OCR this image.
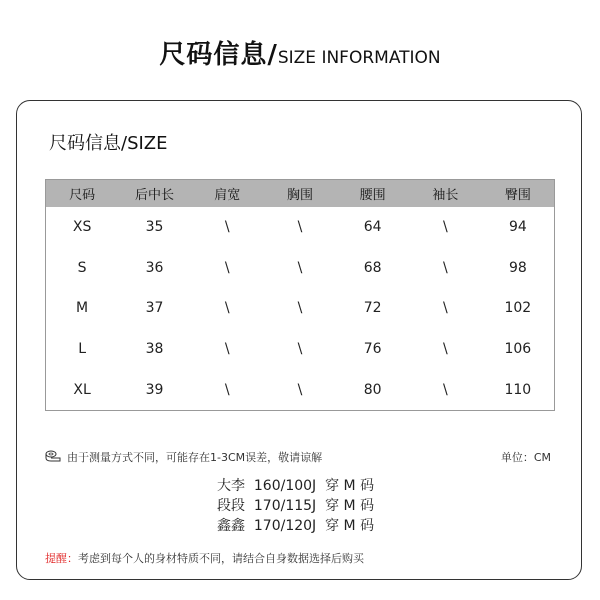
尺码信息/SIZE INFORMATION
尺码信息/SIZE
尺码	后中长	肩宽	胸围	腰围	袖长	臀围
XS	35	\	\	64	\	94
S	36	\	\	68	\	98
M	37	\	\	72	\	102
L	38	\	\	76	\	106
XL	39	\	\	80	\	110
由于测量方式不同，可能存在1-3CM误差，敬请谅解	单位：CM
大李  160/100J  穿 M 码
段段  170/115J  穿 M 码
鑫鑫  170/120J  穿 M 码
提醒：考虑到每个人的身材特质不同，请结合自身数据选择后购买
